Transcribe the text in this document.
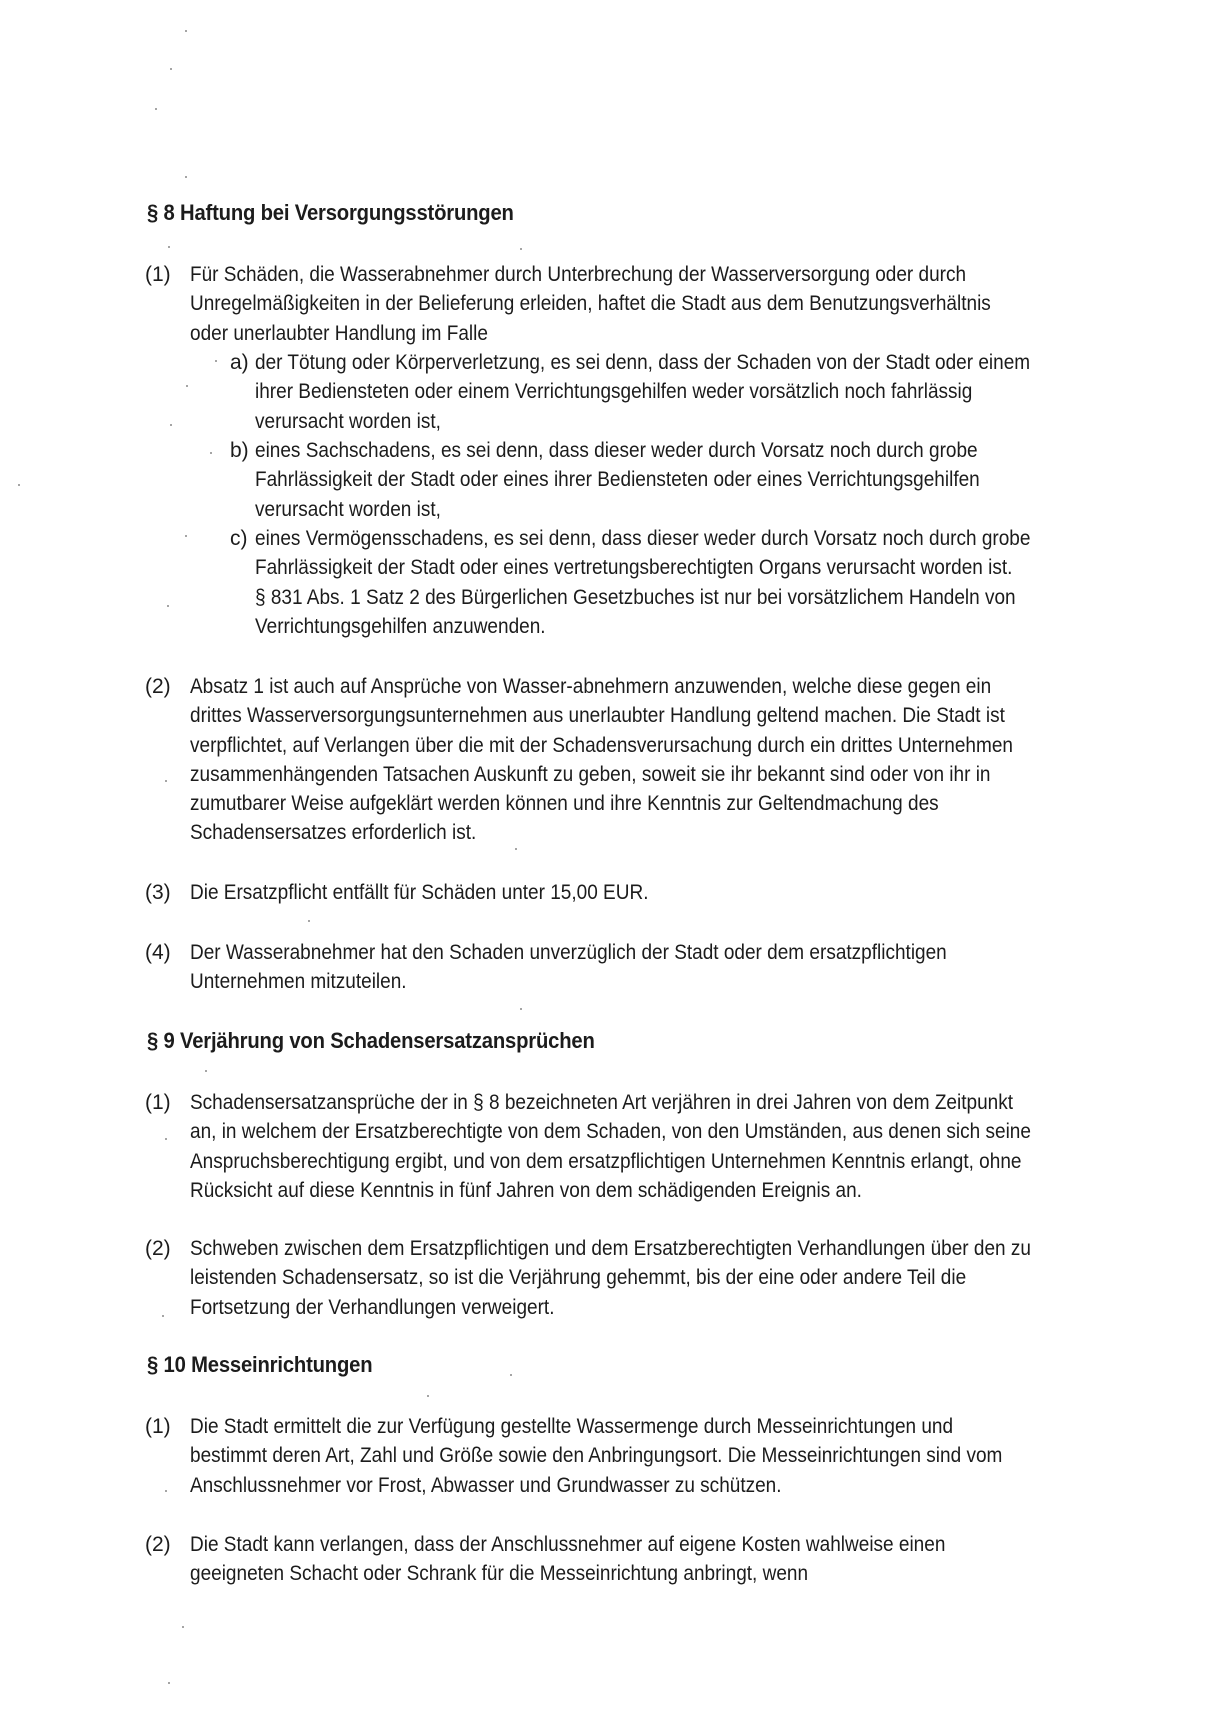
§ 8 Haftung bei Versorgungsstörungen
(1) Für Schäden, die Wasserabnehmer durch Unterbrechung der Wasserversorgung oder durch
Unregelmäßigkeiten in der Belieferung erleiden, haftet die Stadt aus dem Benutzungsverhältnis
oder unerlaubter Handlung im Falle
a) der Tötung oder Körperverletzung, es sei denn, dass der Schaden von der Stadt oder einem
ihrer Bediensteten oder einem Verrichtungsgehilfen weder vorsätzlich noch fahrlässig
verursacht worden ist,
b) eines Sachschadens, es sei denn, dass dieser weder durch Vorsatz noch durch grobe
Fahrlässigkeit der Stadt oder eines ihrer Bediensteten oder eines Verrichtungsgehilfen
verursacht worden ist,
c) eines Vermögensschadens, es sei denn, dass dieser weder durch Vorsatz noch durch grobe
Fahrlässigkeit der Stadt oder eines vertretungsberechtigten Organs verursacht worden ist.
§ 831 Abs. 1 Satz 2 des Bürgerlichen Gesetzbuches ist nur bei vorsätzlichem Handeln von
Verrichtungsgehilfen anzuwenden.
(2) Absatz 1 ist auch auf Ansprüche von Wasser-abnehmern anzuwenden, welche diese gegen ein
drittes Wasserversorgungsunternehmen aus unerlaubter Handlung geltend machen. Die Stadt ist
verpflichtet, auf Verlangen über die mit der Schadensverursachung durch ein drittes Unternehmen
zusammenhängenden Tatsachen Auskunft zu geben, soweit sie ihr bekannt sind oder von ihr in
zumutbarer Weise aufgeklärt werden können und ihre Kenntnis zur Geltendmachung des
Schadensersatzes erforderlich ist.
(3) Die Ersatzpflicht entfällt für Schäden unter 15,00 EUR.
(4) Der Wasserabnehmer hat den Schaden unverzüglich der Stadt oder dem ersatzpflichtigen
Unternehmen mitzuteilen.
§ 9 Verjährung von Schadensersatzansprüchen
(1) Schadensersatzansprüche der in § 8 bezeichneten Art verjähren in drei Jahren von dem Zeitpunkt
an, in welchem der Ersatzberechtigte von dem Schaden, von den Umständen, aus denen sich seine
Anspruchsberechtigung ergibt, und von dem ersatzpflichtigen Unternehmen Kenntnis erlangt, ohne
Rücksicht auf diese Kenntnis in fünf Jahren von dem schädigenden Ereignis an.
(2) Schweben zwischen dem Ersatzpflichtigen und dem Ersatzberechtigten Verhandlungen über den zu
leistenden Schadensersatz, so ist die Verjährung gehemmt, bis der eine oder andere Teil die
Fortsetzung der Verhandlungen verweigert.
§ 10 Messeinrichtungen
(1) Die Stadt ermittelt die zur Verfügung gestellte Wassermenge durch Messeinrichtungen und
bestimmt deren Art, Zahl und Größe sowie den Anbringungsort. Die Messeinrichtungen sind vom
Anschlussnehmer vor Frost, Abwasser und Grundwasser zu schützen.
(2) Die Stadt kann verlangen, dass der Anschlussnehmer auf eigene Kosten wahlweise einen
geeigneten Schacht oder Schrank für die Messeinrichtung anbringt, wenn
